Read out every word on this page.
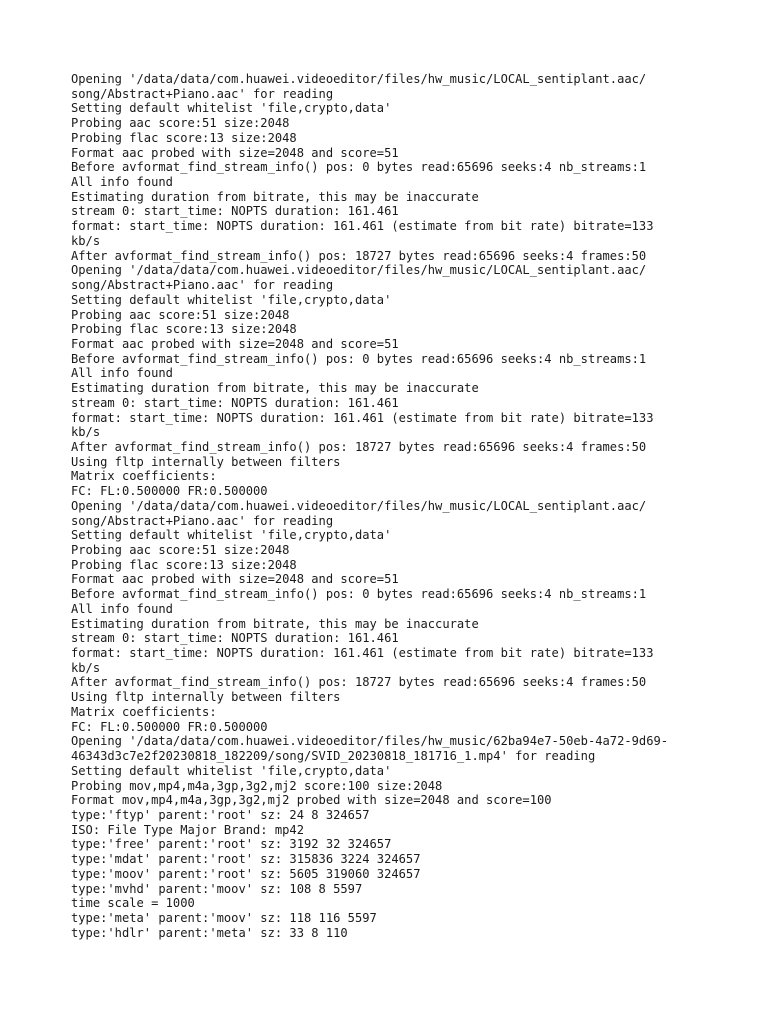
Opening '/data/data/com.huawei.videoeditor/files/hw_music/LOCAL_sentiplant.aac/
song/Abstract+Piano.aac' for reading
Setting default whitelist 'file,crypto,data'
Probing aac score:51 size:2048
Probing flac score:13 size:2048
Format aac probed with size=2048 and score=51
Before avformat_find_stream_info() pos: 0 bytes read:65696 seeks:4 nb_streams:1
All info found
Estimating duration from bitrate, this may be inaccurate
stream 0: start_time: NOPTS duration: 161.461
format: start_time: NOPTS duration: 161.461 (estimate from bit rate) bitrate=133
kb/s
After avformat_find_stream_info() pos: 18727 bytes read:65696 seeks:4 frames:50
Opening '/data/data/com.huawei.videoeditor/files/hw_music/LOCAL_sentiplant.aac/
song/Abstract+Piano.aac' for reading
Setting default whitelist 'file,crypto,data'
Probing aac score:51 size:2048
Probing flac score:13 size:2048
Format aac probed with size=2048 and score=51
Before avformat_find_stream_info() pos: 0 bytes read:65696 seeks:4 nb_streams:1
All info found
Estimating duration from bitrate, this may be inaccurate
stream 0: start_time: NOPTS duration: 161.461
format: start_time: NOPTS duration: 161.461 (estimate from bit rate) bitrate=133
kb/s
After avformat_find_stream_info() pos: 18727 bytes read:65696 seeks:4 frames:50
Using fltp internally between filters
Matrix coefficients:
FC: FL:0.500000 FR:0.500000
Opening '/data/data/com.huawei.videoeditor/files/hw_music/LOCAL_sentiplant.aac/
song/Abstract+Piano.aac' for reading
Setting default whitelist 'file,crypto,data'
Probing aac score:51 size:2048
Probing flac score:13 size:2048
Format aac probed with size=2048 and score=51
Before avformat_find_stream_info() pos: 0 bytes read:65696 seeks:4 nb_streams:1
All info found
Estimating duration from bitrate, this may be inaccurate
stream 0: start_time: NOPTS duration: 161.461
format: start_time: NOPTS duration: 161.461 (estimate from bit rate) bitrate=133
kb/s
After avformat_find_stream_info() pos: 18727 bytes read:65696 seeks:4 frames:50
Using fltp internally between filters
Matrix coefficients:
FC: FL:0.500000 FR:0.500000
Opening '/data/data/com.huawei.videoeditor/files/hw_music/62ba94e7-50eb-4a72-9d69-
46343d3c7e2f20230818_182209/song/SVID_20230818_181716_1.mp4' for reading
Setting default whitelist 'file,crypto,data'
Probing mov,mp4,m4a,3gp,3g2,mj2 score:100 size:2048
Format mov,mp4,m4a,3gp,3g2,mj2 probed with size=2048 and score=100
type:'ftyp' parent:'root' sz: 24 8 324657
ISO: File Type Major Brand: mp42
type:'free' parent:'root' sz: 3192 32 324657
type:'mdat' parent:'root' sz: 315836 3224 324657
type:'moov' parent:'root' sz: 5605 319060 324657
type:'mvhd' parent:'moov' sz: 108 8 5597
time scale = 1000
type:'meta' parent:'moov' sz: 118 116 5597
type:'hdlr' parent:'meta' sz: 33 8 110
